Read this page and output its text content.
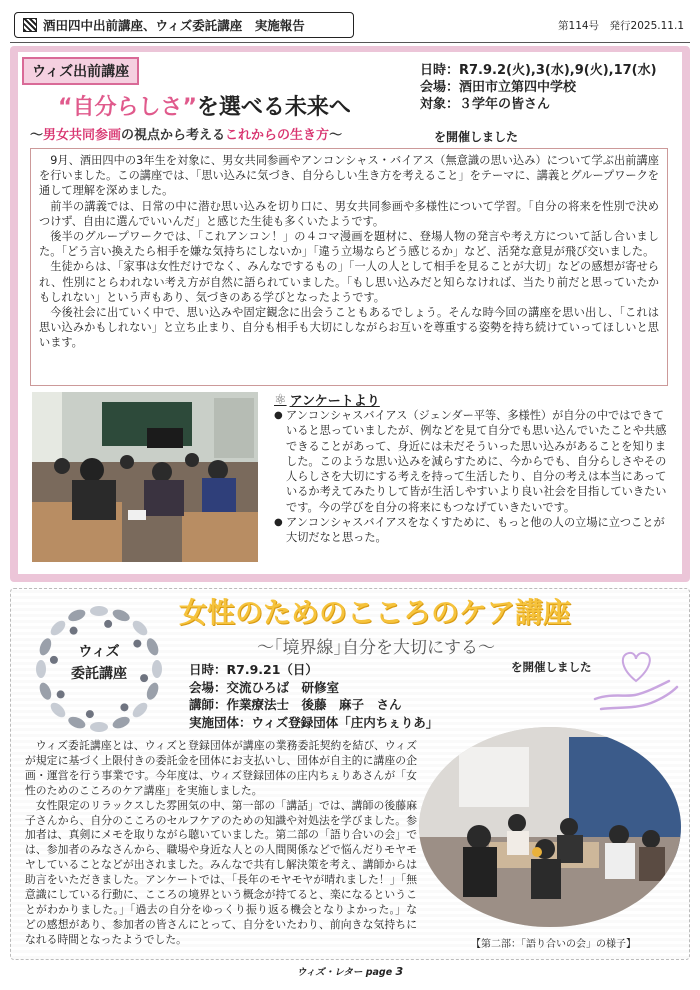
酒田四中出前講座、ウィズ委託講座　実施報告	第114号　発行2025.11.1
ウィズ出前講座	日時：R7.9.2(火),3(水),9(火),17(水)
会場：酒田市立第四中学校
対象：３学年の皆さん
“自分らしさ”を選べる未来へ
～男女共同参画の視点から考えるこれからの生き方～	を開催しました

9月、酒田四中の3年生を対象に、男女共同参画やアンコンシャス・バイアス（無意識の思い込み）について学ぶ出前講座を行いました。この講座では、「思い込みに気づき、自分らしい生き方を考えること」をテーマに、講義とグループワークを通して理解を深めました。

前半の講義では、日常の中に潜む思い込みを切り口に、男女共同参画や多様性について学習。「自分の将来を性別で決めつけず、自由に選んでいいんだ」と感じた生徒も多くいたようです。

後半のグループワークでは、「これアンコン！」の４コマ漫画を題材に、登場人物の発言や考え方について話し合いました。「どう言い換えたら相手を嫌な気持ちにしないか」「違う立場ならどう感じるか」など、活発な意見が飛び交いました。

生徒からは、「家事は女性だけでなく、みんなでするもの」「一人の人として相手を見ることが大切」などの感想が寄せられ、性別にとらわれない考え方が自然に語られていました。「もし思い込みだと知らなければ、当たり前だと思っていたかもしれない」という声もあり、気づきのある学びとなったようです。

今後社会に出ていく中で、思い込みや固定観念に出会うこともあるでしょう。そんな時今回の講座を思い出し、「これは思い込みかもしれない」と立ち止まり、自分も相手も大切にしながらお互いを尊重する姿勢を持ち続けていってほしいと思います。

⚛ アンケートより
● アンコンシャスバイアス（ジェンダー平等、多様性）が自分の中ではできていると思っていましたが、例などを見て自分でも思い込んでいたことや共感できることがあって、身近には未だそういった思い込みがあることを知りました。このような思い込みを減らすために、今からでも、自分らしさやその人らしさを大切にする考えを持って生活したり、自分の考えは本当にあっているか考えてみたりして皆が生活しやすいより良い社会を目指していきたいです。今の学びを自分の将来にもつなげていきたいです。
● アンコンシャスバイアスをなくすために、もっと他の人の立場に立つことが大切だなと思った。
ウィズ
委託講座
女性のためのこころのケア講座
～｢境界線｣自分を大切にする～
を開催しました
日時：R7.9.21（日）
会場：交流ひろば　研修室
講師：作業療法士　後藤　麻子　さん
実施団体：ウィズ登録団体「庄内ちぇりあ」

ウィズ委託講座とは、ウィズと登録団体が講座の業務委託契約を結び、ウィズが規定に基づく上限付きの委託金を団体にお支払いし、団体が自主的に講座の企画・運営を行う事業です。今年度は、ウィズ登録団体の庄内ちぇりあさんが「女性のためのこころのケア講座」を実施しました。

女性限定のリラックスした雰囲気の中、第一部の「講話」では、講師の後藤麻子さんから、自分のこころのセルフケアのための知識や対処法を学びました。参加者は、真剣にメモを取りながら聴いていました。第二部の「語り合いの会」では、参加者のみなさんから、職場や身近な人との人間関係などで悩んだりモヤモヤしていることなどが出されました。みんなで共有し解決策を考え、講師からは助言をいただきました。アンケートでは、「長年のモヤモヤが晴れました！」「無意識にしている行動に、こころの境界という概念が持てると、楽になるということがわかりました。」「過去の自分をゆっくり振り返る機会となりよかった。」などの感想があり、参加者の皆さんにとって、自分をいたわり、前向きな気持ちになれる時間となったようでした。	【第二部：「語り合いの会」の様子】
ウィズ・レター page 3
